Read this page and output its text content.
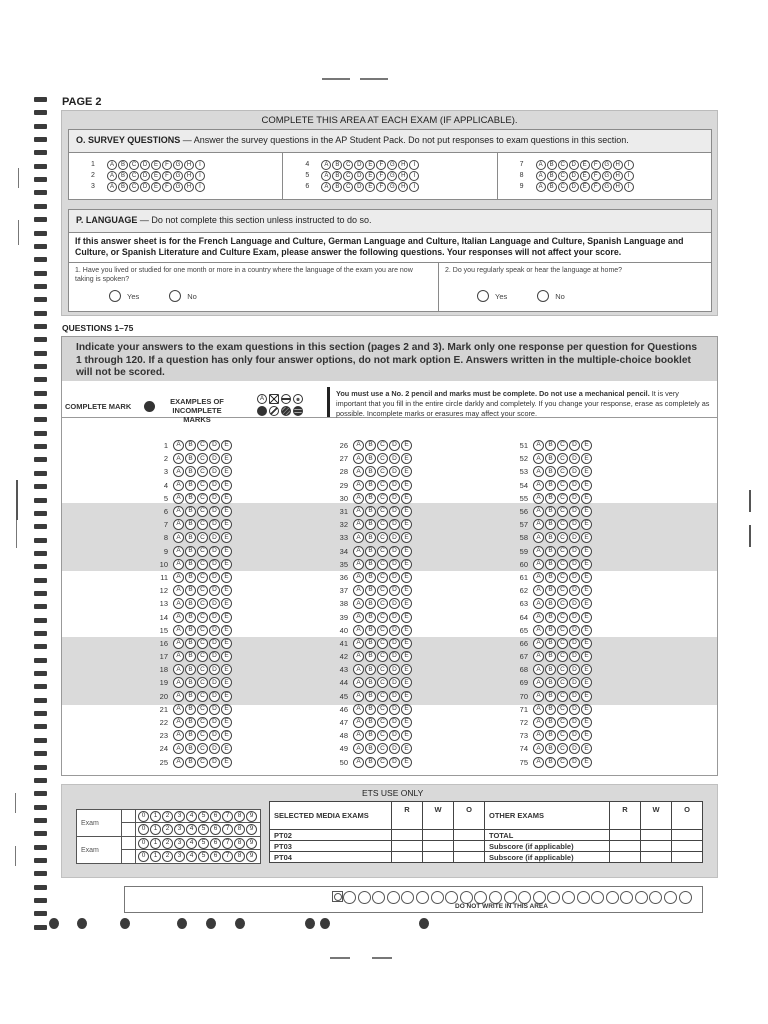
PAGE 2
COMPLETE THIS AREA AT EACH EXAM (IF APPLICABLE).
O. SURVEY QUESTIONS — Answer the survey questions in the AP Student Pack. Do not put responses to exam questions in this section.
1	A	B	C	D	E	F	G	H	I
2	A	B	C	D	E	F	G	H	I
3	A	B	C	D	E	F	G	H	I
4	A	B	C	D	E	F	G	H	I
5	A	B	C	D	E	F	G	H	I
6	A	B	C	D	E	F	G	H	I
7	A	B	C	D	E	F	G	H	I
8	A	B	C	D	E	F	G	H	I
9	A	B	C	D	E	F	G	H	I
P. LANGUAGE — Do not complete this section unless instructed to do so.
If this answer sheet is for the French Language and Culture, German Language and Culture, Italian Language and Culture, Spanish Language and Culture, or Spanish Literature and Culture Exam, please answer the following questions. Your responses will not affect your score.
1. Have you lived or studied for one month or more in a country where the language of the exam you are now taking is spoken?
Yes	No
2. Do you regularly speak or hear the language at home?
Yes	No
QUESTIONS 1–75
Indicate your answers to the exam questions in this section (pages 2 and 3). Mark only one response per question for Questions 1 through 120. If a question has only four answer options, do not mark option E. Answers written in the multiple-choice booklet will not be scored.
COMPLETE MARK
EXAMPLES OF
INCOMPLETE MARKS
A
You must use a No. 2 pencil and marks must be complete. Do not use a mechanical pencil. It is very important that you fill in the entire circle darkly and completely. If you change your response, erase as completely as possible. Incomplete marks or erasures may affect your score.
1	A	B	C	D	E
2	A	B	C	D	E
3	A	B	C	D	E
4	A	B	C	D	E
5	A	B	C	D	E
6	A	B	C	D	E
7	A	B	C	D	E
8	A	B	C	D	E
9	A	B	C	D	E
10	A	B	C	D	E
11	A	B	C	D	E
12	A	B	C	D	E
13	A	B	C	D	E
14	A	B	C	D	E
15	A	B	C	D	E
16	A	B	C	D	E
17	A	B	C	D	E
18	A	B	C	D	E
19	A	B	C	D	E
20	A	B	C	D	E
21	A	B	C	D	E
22	A	B	C	D	E
23	A	B	C	D	E
24	A	B	C	D	E
25	A	B	C	D	E
26	A	B	C	D	E
27	A	B	C	D	E
28	A	B	C	D	E
29	A	B	C	D	E
30	A	B	C	D	E
31	A	B	C	D	E
32	A	B	C	D	E
33	A	B	C	D	E
34	A	B	C	D	E
35	A	B	C	D	E
36	A	B	C	D	E
37	A	B	C	D	E
38	A	B	C	D	E
39	A	B	C	D	E
40	A	B	C	D	E
41	A	B	C	D	E
42	A	B	C	D	E
43	A	B	C	D	E
44	A	B	C	D	E
45	A	B	C	D	E
46	A	B	C	D	E
47	A	B	C	D	E
48	A	B	C	D	E
49	A	B	C	D	E
50	A	B	C	D	E
51	A	B	C	D	E
52	A	B	C	D	E
53	A	B	C	D	E
54	A	B	C	D	E
55	A	B	C	D	E
56	A	B	C	D	E
57	A	B	C	D	E
58	A	B	C	D	E
59	A	B	C	D	E
60	A	B	C	D	E
61	A	B	C	D	E
62	A	B	C	D	E
63	A	B	C	D	E
64	A	B	C	D	E
65	A	B	C	D	E
66	A	B	C	D	E
67	A	B	C	D	E
68	A	B	C	D	E
69	A	B	C	D	E
70	A	B	C	D	E
71	A	B	C	D	E
72	A	B	C	D	E
73	A	B	C	D	E
74	A	B	C	D	E
75	A	B	C	D	E
ETS USE ONLY
Exam
0	1	2	3	4	5	6	7	8	9
0	1	2	3	4	5	6	7	8	9
Exam
0	1	2	3	4	5	6	7	8	9
0	1	2	3	4	5	6	7	8	9
SELECTED MEDIA EXAMS	R	W	O	OTHER EXAMS	R	W	O
PT02				TOTAL			
PT03				Subscore (if applicable)			
PT04				Subscore (if applicable)			
DO NOT WRITE IN THIS AREA
